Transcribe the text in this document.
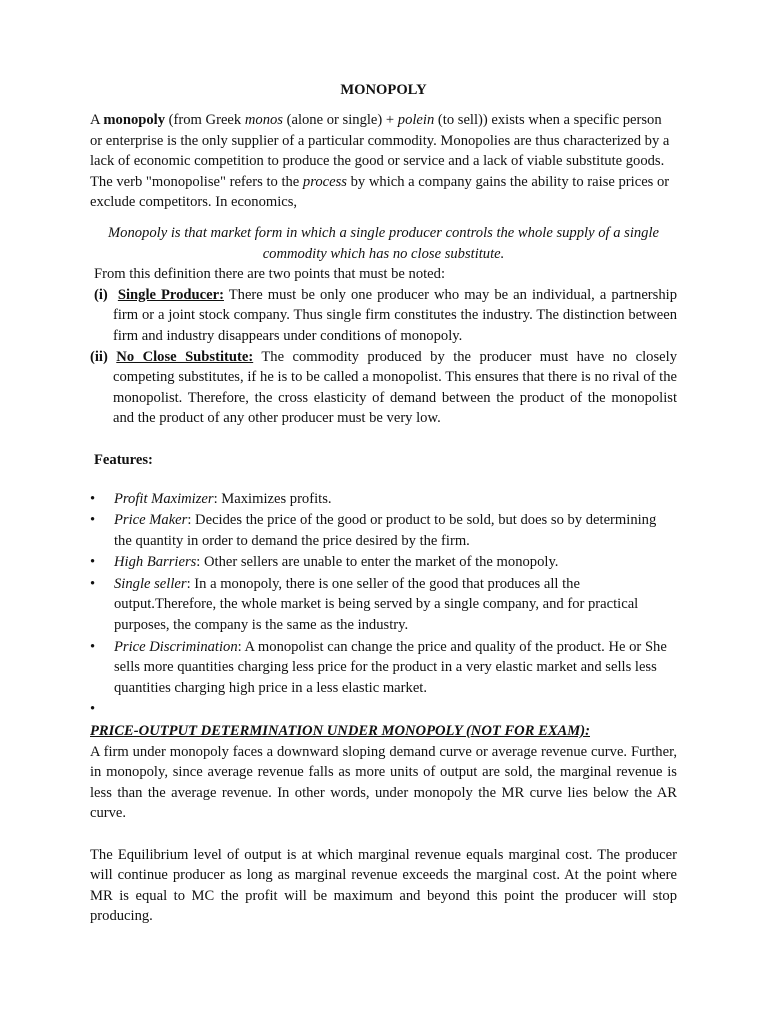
MONOPOLY

A monopoly (from Greek monos (alone or single) + polein (to sell)) exists when a specific person or enterprise is the only supplier of a particular commodity. Monopolies are thus characterized by a lack of economic competition to produce the good or service and a lack of viable substitute goods. The verb "monopolise" refers to the process by which a company gains the ability to raise prices or exclude competitors. In economics,

Monopoly is that market form in which a single producer controls the whole supply of a single commodity which has no close substitute.

From this definition there are two points that must be noted:

(i) Single Producer: There must be only one producer who may be an individual, a partnership firm or a joint stock company. Thus single firm constitutes the industry. The distinction between firm and industry disappears under conditions of monopoly.

(ii) No Close Substitute: The commodity produced by the producer must have no closely competing substitutes, if he is to be called a monopolist. This ensures that there is no rival of the monopolist. Therefore, the cross elasticity of demand between the product of the monopolist and the product of any other producer must be very low.

Features:

• Profit Maximizer: Maximizes profits.
• Price Maker: Decides the price of the good or product to be sold, but does so by determining the quantity in order to demand the price desired by the firm.
• High Barriers: Other sellers are unable to enter the market of the monopoly.
• Single seller: In a monopoly, there is one seller of the good that produces all the output.Therefore, the whole market is being served by a single company, and for practical purposes, the company is the same as the industry.
• Price Discrimination: A monopolist can change the price and quality of the product. He or She sells more quantities charging less price for the product in a very elastic market and sells less quantities charging high price in a less elastic market.
•

PRICE-OUTPUT DETERMINATION UNDER MONOPOLY (NOT FOR EXAM):

A firm under monopoly faces a downward sloping demand curve or average revenue curve. Further, in monopoly, since average revenue falls as more units of output are sold, the marginal revenue is less than the average revenue. In other words, under monopoly the MR curve lies below the AR curve.

The Equilibrium level of output is at which marginal revenue equals marginal cost. The producer will continue producer as long as marginal revenue exceeds the marginal cost. At the point where MR is equal to MC the profit will be maximum and beyond this point the producer will stop producing.
